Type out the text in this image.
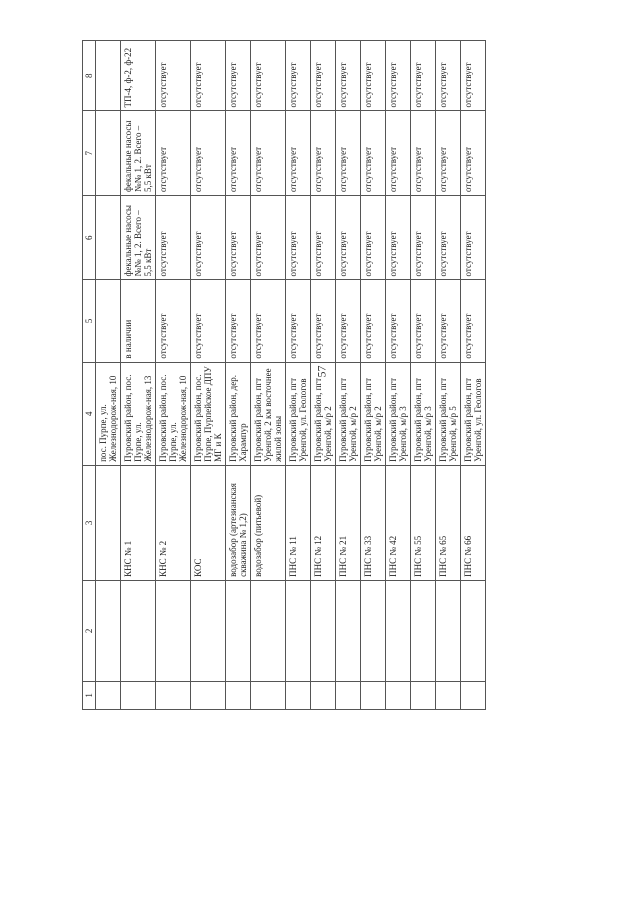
57
1	2	3	4	5	6	7	8
			пос. Пурпе, ул. Железнодорож-ная, 10				
		КНС № 1	Пуровский район, пос. Пурпе, ул. Железнодорож-ная, 13	в наличии	фекальные насосы №№ 1, 2. Всего – 5,5 кВт	фекальные насосы №№ 1, 2. Всего – 5,5 кВт	ТП-4, ф-2, ф-22
		КНС № 2	Пуровский район, пос. Пурпе, ул. Железнодорож-ная, 10	отсутствует	отсутствует	отсутствует	отсутствует
		КОС	Пуровский район, пос. Пурпе, Пурпейское ДПУ МГ и К	отсутствует	отсутствует	отсутствует	отсутствует
		водозабор (артезианская скважина № 1,2)	Пуровский район, дер. Харампур	отсутствует	отсутствует	отсутствует	отсутствует
		водозабор (питьевой)	Пуровский район, пгт Уренгой, 2 км восточнее жилой зоны	отсутствует	отсутствует	отсутствует	отсутствует
		ПНС № 11	Пуровский район, пгт Уренгой, ул. Геологов	отсутствует	отсутствует	отсутствует	отсутствует
		ПНС № 12	Пуровский район, пгт Уренгой, м/р 2	отсутствует	отсутствует	отсутствует	отсутствует
		ПНС № 21	Пуровский район, пгт Уренгой, м/р 2	отсутствует	отсутствует	отсутствует	отсутствует
		ПНС № 33	Пуровский район, пгт Уренгой, м/р 2	отсутствует	отсутствует	отсутствует	отсутствует
		ПНС № 42	Пуровский район, пгт Уренгой, м/р 3	отсутствует	отсутствует	отсутствует	отсутствует
		ПНС № 55	Пуровский район, пгт Уренгой, м/р 3	отсутствует	отсутствует	отсутствует	отсутствует
		ПНС № 65	Пуровский район, пгт Уренгой, м/р 5	отсутствует	отсутствует	отсутствует	отсутствует
		ПНС № 66	Пуровский район, пгт Уренгой, ул. Геологов	отсутствует	отсутствует	отсутствует	отсутствует
